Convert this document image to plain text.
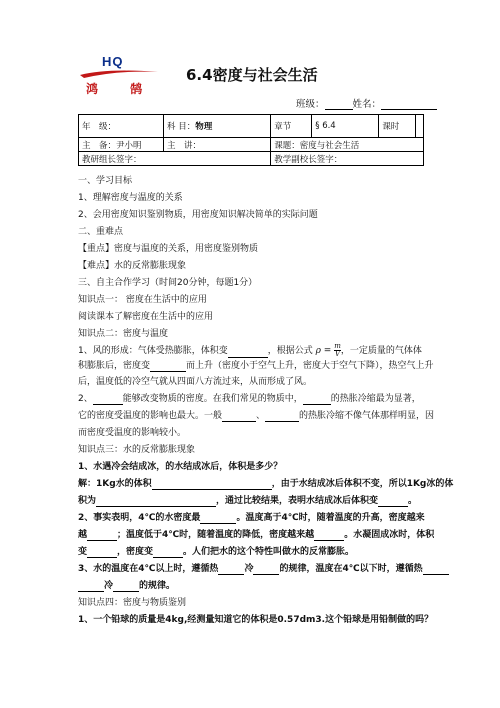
HQ
鸿 鹄
6.4密度与社会生活
班级：	姓名：
年　级：	科 目：物理	章节	§ 6.4	课时	
主　备：尹小明	主　讲：	课题：密度与社会生活			
教研组长签字：		教学副校长签字：			
一、学习目标
1、理解密度与温度的关系
2、会用密度知识鉴别物质，用密度知识解决简单的实际问题
二、重难点
【重点】密度与温度的关系，用密度鉴别物质
【难点】水的反常膨胀现象
三、自主合作学习（时间20分钟，每题1分）
知识点一： 密度在生活中的应用
阅读课本了解密度在生活中的应用
知识点二：密度与温度
1、风的形成：气体受热膨胀，体积变	，根据公式 $\rho = \frac{m}{V}$ ，一定质量的气体体
积膨胀后，密度变	而上升（密度小于空气上升，密度大于空气下降），热空气上升
后，温度低的冷空气就从四面八方流过来，从而形成了风。
2、	能够改变物质的密度。在我们常见的物质中，	的热胀冷缩最为显著，
它的密度受温度的影响也最大。一般	、	的热胀冷缩不像气体那样明显，因
而密度受温度的影响较小。
知识点三：水的反常膨胀现象
1、水遇冷会结成冰，的水结成冰后，体积是多少？
解：1Kg水的体积	，由于水结成冰后体积不变，所以1Kg冰的体
积为	，通过比较结果，表明水结成冰后体积变	。
2、事实表明，4℃的水密度最	。温度高于4℃时，随着温度的升高，密度越来
越	；温度低于4℃时，随着温度的降低，密度越来越	。水凝固成冰时，体积
变	，密度变	。人们把水的这个特性叫做水的反常膨胀。
3、水的温度在4℃以上时，遵循热	冷	的规律，温度在4℃以下时，遵循热
冷	的规律。
知识点四：密度与物质鉴别
1、一个铅球的质量是4kg,经测量知道它的体积是0.57dm3.这个铅球是用铅制做的吗？
